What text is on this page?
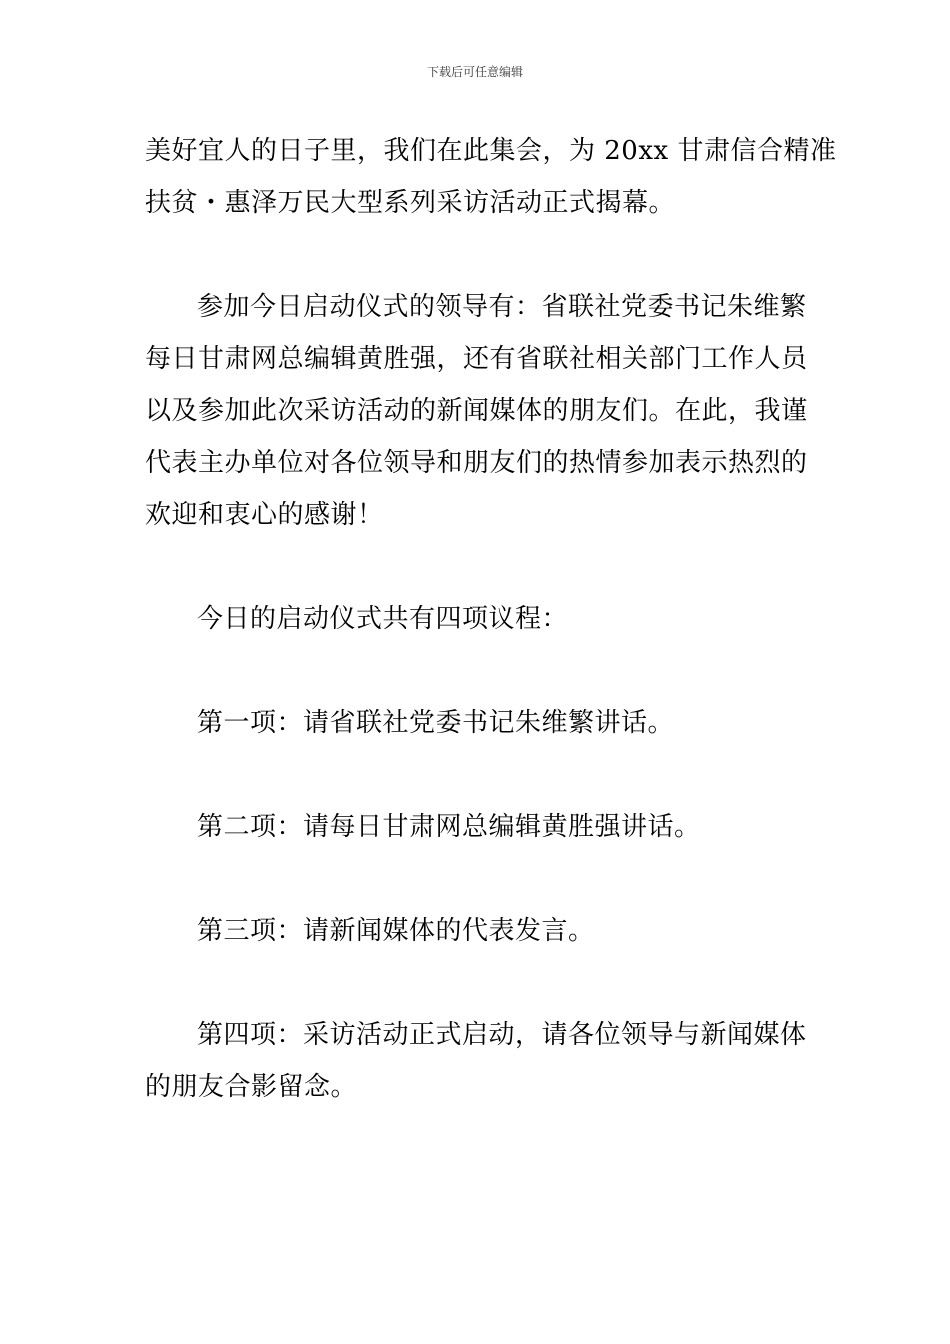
下载后可任意编辑

美好宜人的日子里，我们在此集会，为 20xx 甘肃信合精准
扶贫・惠泽万民大型系列采访活动正式揭幕。

参加今日启动仪式的领导有：省联社党委书记朱维繁
每日甘肃网总编辑黄胜强，还有省联社相关部门工作人员
以及参加此次采访活动的新闻媒体的朋友们。在此，我谨
代表主办单位对各位领导和朋友们的热情参加表示热烈的
欢迎和衷心的感谢！

今日的启动仪式共有四项议程：

第一项：请省联社党委书记朱维繁讲话。

第二项：请每日甘肃网总编辑黄胜强讲话。

第三项：请新闻媒体的代表发言。

第四项：采访活动正式启动，请各位领导与新闻媒体
的朋友合影留念。
